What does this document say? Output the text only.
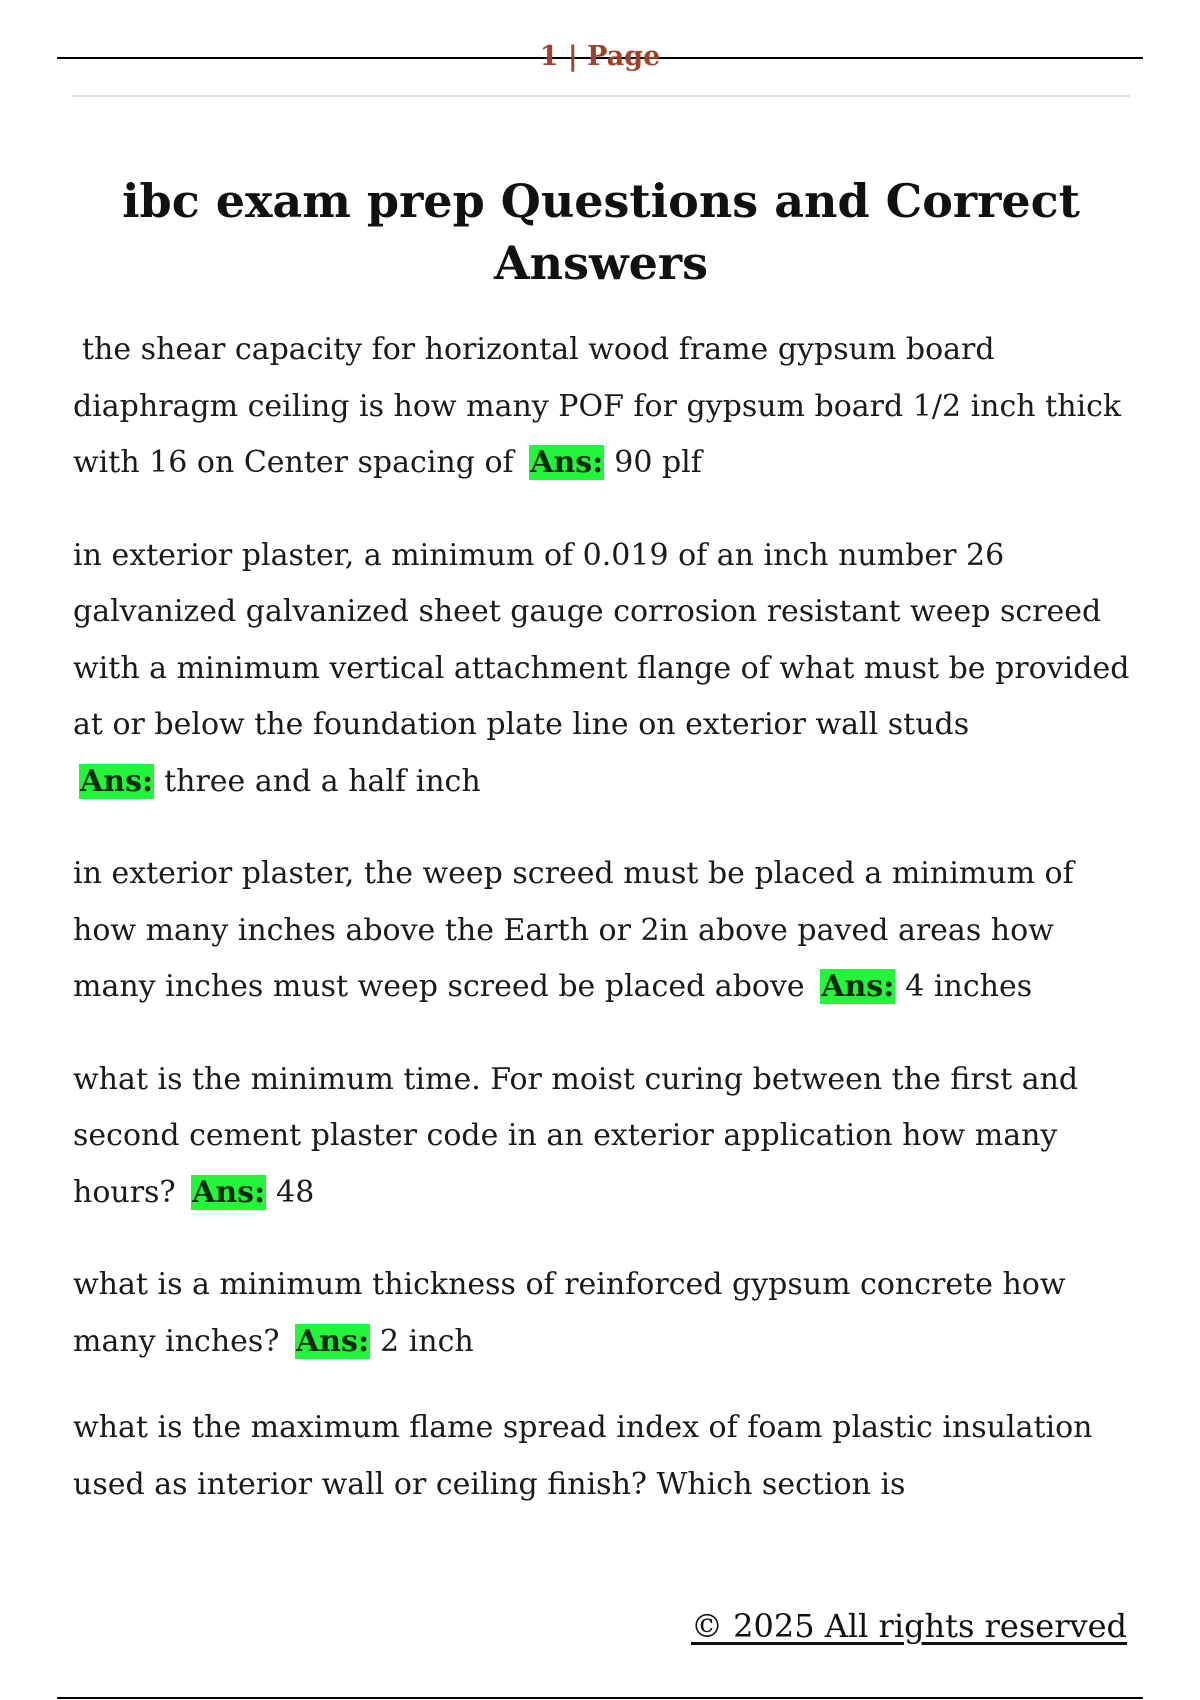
1 | Page
ibc exam prep Questions and Correct Answers

the shear capacity for horizontal wood frame gypsum board diaphragm ceiling is how many POF for gypsum board 1/2 inch thick with 16 on Center spacing of Ans: 90 plf

in exterior plaster, a minimum of 0.019 of an inch number 26 galvanized galvanized sheet gauge corrosion resistant weep screed with a minimum vertical attachment flange of what must be provided at or below the foundation plate line on exterior wall studs Ans: three and a half inch

in exterior plaster, the weep screed must be placed a minimum of how many inches above the Earth or 2in above paved areas how many inches must weep screed be placed above Ans: 4 inches

what is the minimum time. For moist curing between the first and second cement plaster code in an exterior application how many hours? Ans: 48

what is a minimum thickness of reinforced gypsum concrete how many inches? Ans: 2 inch

what is the maximum flame spread index of foam plastic insulation used as interior wall or ceiling finish? Which section is

© 2025 All rights reserved
